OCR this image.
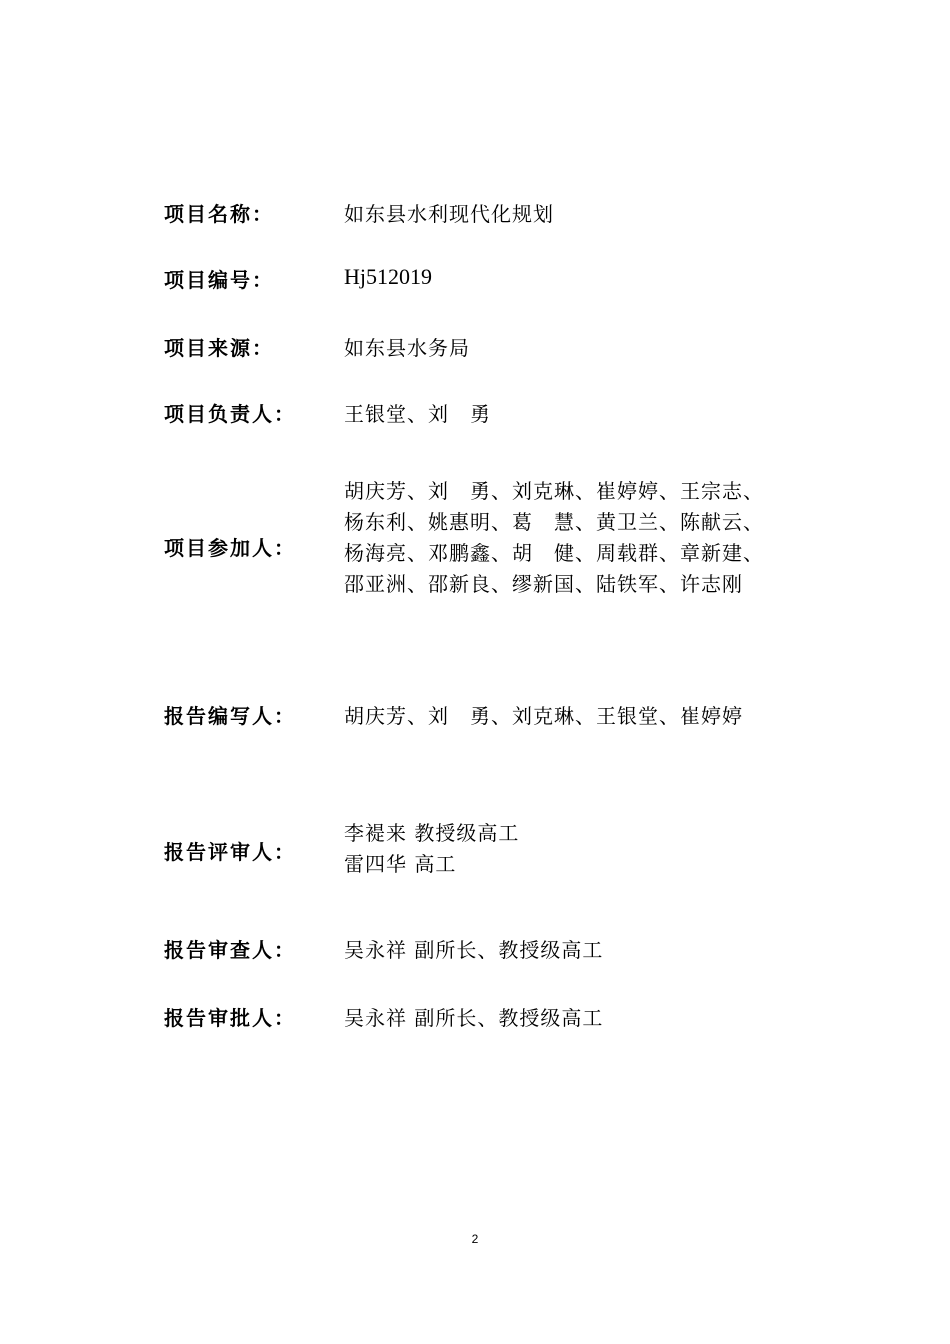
项目名称：	如东县水利现代化规划
项目编号：	Hj512019
项目来源：	如东县水务局
项目负责人： 王银堂、刘　勇
项目参加人：
胡庆芳、刘　勇、刘克琳、崔婷婷、王宗志、
杨东利、姚惠明、葛　慧、黄卫兰、陈献云、
杨海亮、邓鹏鑫、胡　健、周载群、章新建、
邵亚洲、邵新良、缪新国、陆铁军、许志刚
报告编写人： 胡庆芳、刘　勇、刘克琳、王银堂、崔婷婷
报告评审人：
李褆来 教授级高工
雷四华 高工
报告审查人： 吴永祥 副所长、教授级高工
报告审批人： 吴永祥 副所长、教授级高工
2
